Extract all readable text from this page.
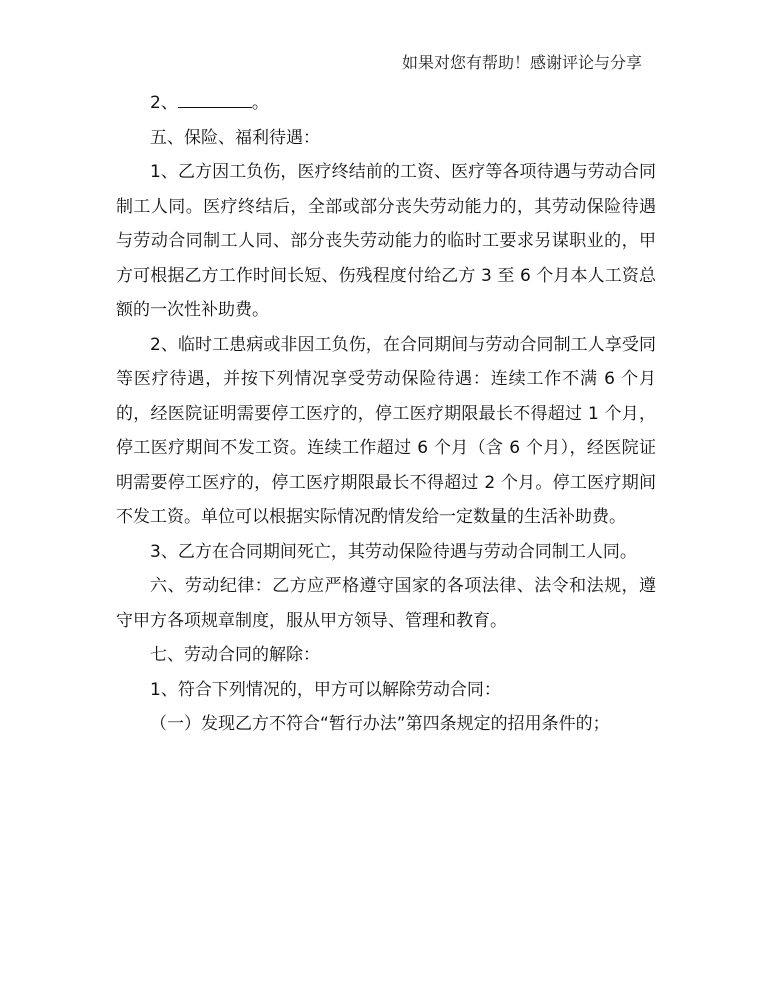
如果对您有帮助！感谢评论与分享

2、	。

五、保险、福利待遇：

1、乙方因工负伤，医疗终结前的工资、医疗等各项待遇与劳动合同制工人同。医疗终结后，全部或部分丧失劳动能力的，其劳动保险待遇与劳动合同制工人同、部分丧失劳动能力的临时工要求另谋职业的，甲方可根据乙方工作时间长短、伤残程度付给乙方 3 至 6 个月本人工资总额的一次性补助费。

2、临时工患病或非因工负伤，在合同期间与劳动合同制工人享受同等医疗待遇，并按下列情况享受劳动保险待遇：连续工作不满 6 个月的，经医院证明需要停工医疗的，停工医疗期限最长不得超过 1 个月，停工医疗期间不发工资。连续工作超过 6 个月（含 6 个月），经医院证明需要停工医疗的，停工医疗期限最长不得超过 2 个月。停工医疗期间不发工资。单位可以根据实际情况酌情发给一定数量的生活补助费。

3、乙方在合同期间死亡，其劳动保险待遇与劳动合同制工人同。

六、劳动纪律：乙方应严格遵守国家的各项法律、法令和法规，遵守甲方各项规章制度，服从甲方领导、管理和教育。

七、劳动合同的解除：

1、符合下列情况的，甲方可以解除劳动合同：

（一）发现乙方不符合“暂行办法”第四条规定的招用条件的；
